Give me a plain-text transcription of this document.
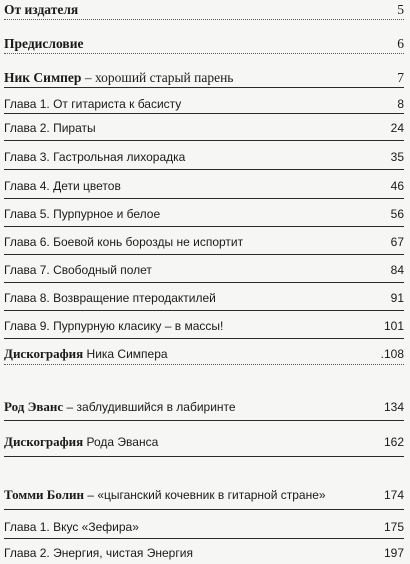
От издателя	5
Предисловие	6
Ник Симпер – хороший старый парень	7
Глава 1. От гитариста к басисту	8
Глава 2. Пираты	24
Глава 3. Гастрольная лихорадка	35
Глава 4. Дети цветов	46
Глава 5. Пурпурное и белое	56
Глава 6. Боевой конь борозды не испортит	67
Глава 7. Свободный полет	84
Глава 8. Возвращение птеродактилей	91
Глава 9. Пурпурную класику – в массы!	101
Дискография Ника Симпера	.108
Род Эванс – заблудившийся в лабиринте	134
Дискография Рода Эванса	162
Томми Болин – «цыганский кочевник в гитарной стране»	174
Глава 1. Вкус «Зефира»	175
Глава 2. Энергия, чистая Энергия	197
